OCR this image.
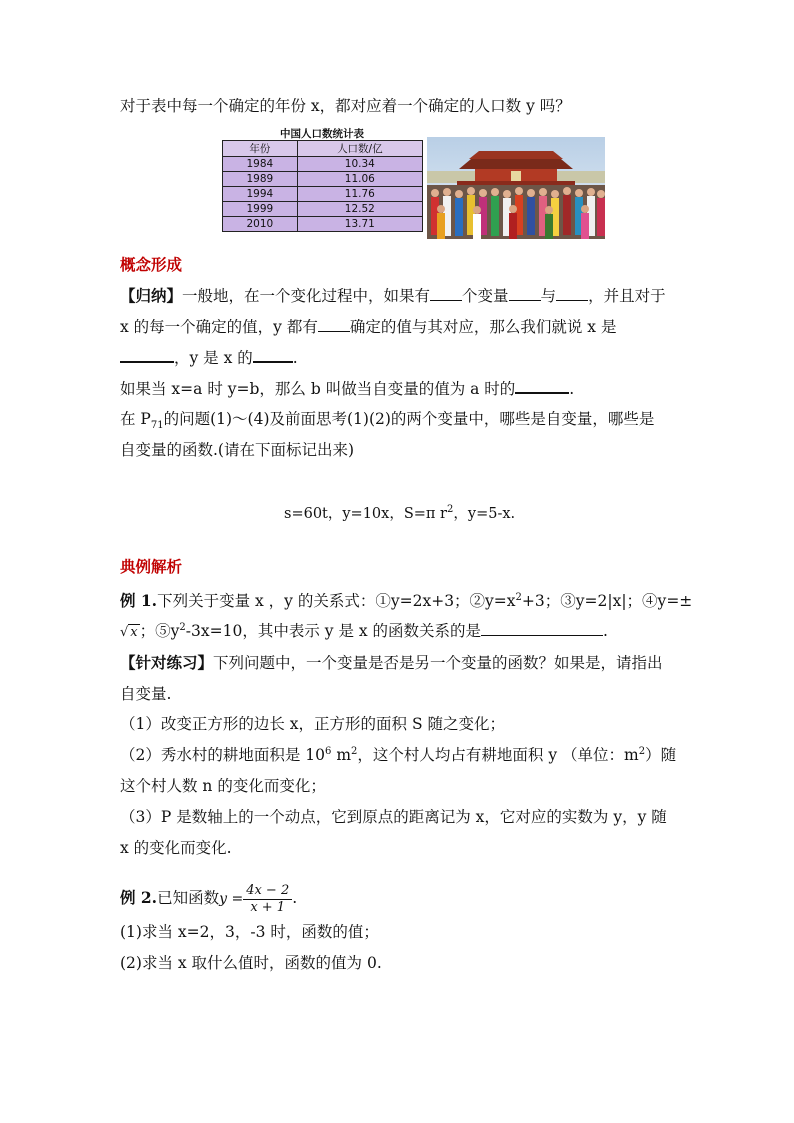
对于表中每一个确定的年份 x，都对应着一个确定的人口数 y 吗？
中国人口数统计表
年份	人口数/亿
1984	10.34
1989	11.06
1994	11.76
1999	12.52
2010	13.71
概念形成
【归纳】一般地，在一个变化过程中，如果有 个变量 与 ，并且对于
x 的每一个确定的值，y 都有 确定的值与其对应，那么我们就说 x 是
，y 是 x 的	.
如果当 x=a 时 y=b，那么 b 叫做当自变量的值为 a 时的	.
在 $P_{71}$的问题(1)～(4)及前面思考(1)(2)的两个变量中，哪些是自变量，哪些是
自变量的函数.(请在下面标记出来)
s=60t，y=10x，S=π $r^2$，y=5-x.
典例解析
例 1.下列关于变量 x ，y 的关系式：①y=2x+3；$②y=x^2+3$；③y=2|x|；④y=±
√ x ；$⑤y^2-3x=10$，其中表示 y 是 x 的函数关系的是	.
【针对练习】下列问题中，一个变量是否是另一个变量的函数？如果是，请指出
自变量.
（1）改变正方形的边长 x，正方形的面积 S 随之变化；
（2）秀水村的耕地面积是 $10^6$ $m^2$，这个村人均占有耕地面积 y （单位：$m^2$）随
这个村人数 n 的变化而变化；
（3）P 是数轴上的一个动点，它到原点的距离记为 x，它对应的实数为 y，y 随
x 的变化而变化.
例 2.已知函数$y = \frac{4x - 2}{x + 1}$ .
(1)求当 x=2，3，-3 时，函数的值；
(2)求当 x 取什么值时，函数的值为 0.
